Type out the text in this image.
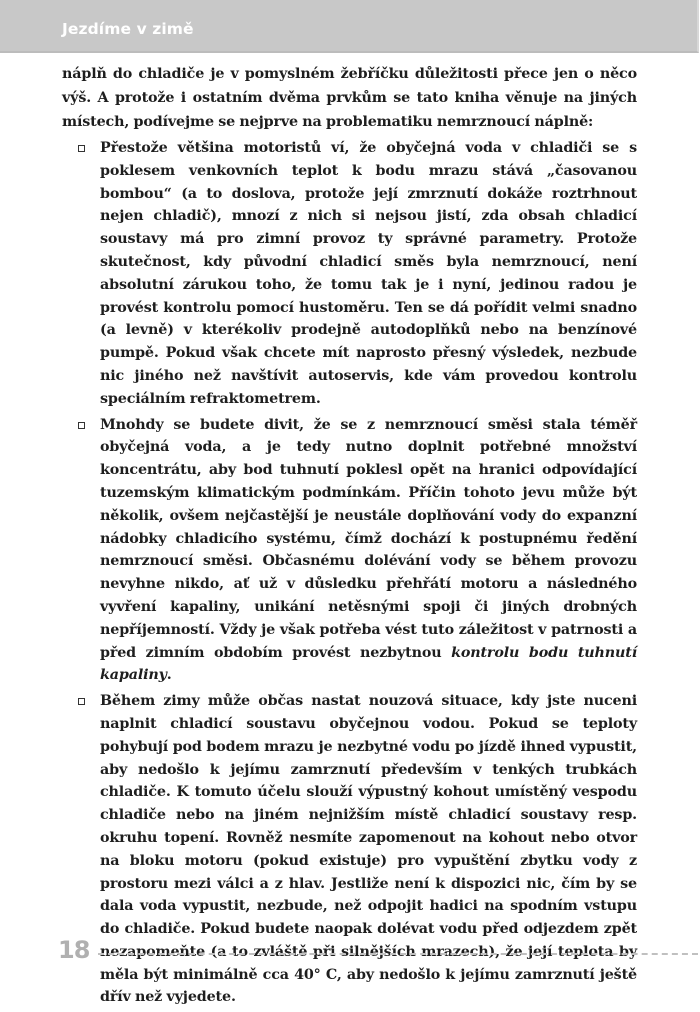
Jezdíme v zimě

náplň do chladiče je v pomyslném žebříčku důležitosti přece jen o něco výš. A protože i ostatním dvěma prvkům se tato kniha věnuje na jiných místech, podívejme se nejprve na problematiku nemrznoucí náplně:

Přestože většina motoristů ví, že obyčejná voda v chladiči se s poklesem venkovních teplot k bodu mrazu stává „časovanou bombou“ (a to doslova, protože její zmrznutí dokáže roztrhnout nejen chladič), mnozí z nich si nejsou jistí, zda obsah chladicí soustavy má pro zimní provoz ty správné parametry. Protože skutečnost, kdy původní chladicí směs byla nemrznoucí, není absolutní zárukou toho, že tomu tak je i nyní, jedinou radou je provést kontrolu pomocí hustoměru. Ten se dá pořídit velmi snadno (a levně) v kterékoliv prodejně autodoplňků nebo na benzínové pumpě. Pokud však chcete mít naprosto přesný výsledek, nezbude nic jiného než navštívit autoservis, kde vám provedou kontrolu speciálním refraktometrem.

Mnohdy se budete divit, že se z nemrznoucí směsi stala téměř obyčejná voda, a je tedy nutno doplnit potřebné množství koncentrátu, aby bod tuhnutí poklesl opět na hranici odpovídající tuzemským klimatickým podmínkám. Příčin tohoto jevu může být několik, ovšem nejčastější je neustále doplňování vody do expanzní nádobky chladicího systému, čímž dochází k postupnému ředění nemrznoucí směsi. Občasnému dolévání vody se během provozu nevyhne nikdo, ať už v důsledku přehřátí motoru a následného vyvření kapaliny, unikání netěsnými spoji či jiných drobných nepříjemností. Vždy je však potřeba vést tuto záležitost v patrnosti a před zimním obdobím provést nezbytnou kontrolu bodu tuhnutí kapaliny.

Během zimy může občas nastat nouzová situace, kdy jste nuceni naplnit chladicí soustavu obyčejnou vodou. Pokud se teploty pohybují pod bodem mrazu je nezbytné vodu po jízdě ihned vypustit, aby nedošlo k jejímu zamrznutí především v tenkých trubkách chladiče. K tomuto účelu slouží výpustný kohout umístěný vespodu chladiče nebo na jiném nejnižším místě chladicí soustavy resp. okruhu topení. Rovněž nesmíte zapomenout na kohout nebo otvor na bloku motoru (pokud existuje) pro vypuštění zbytku vody z prostoru mezi válci a z hlav. Jestliže není k dispozici nic, čím by se dala voda vypustit, nezbude, než odpojit hadici na spodním vstupu do chladiče. Pokud budete naopak dolévat vodu před odjezdem zpět nezapomeňte (a to zvláště při silnějších mrazech), že její teplota by měla být minimálně cca 40° C, aby nedošlo k jejímu zamrznutí ještě dřív než vyjedete.

18
